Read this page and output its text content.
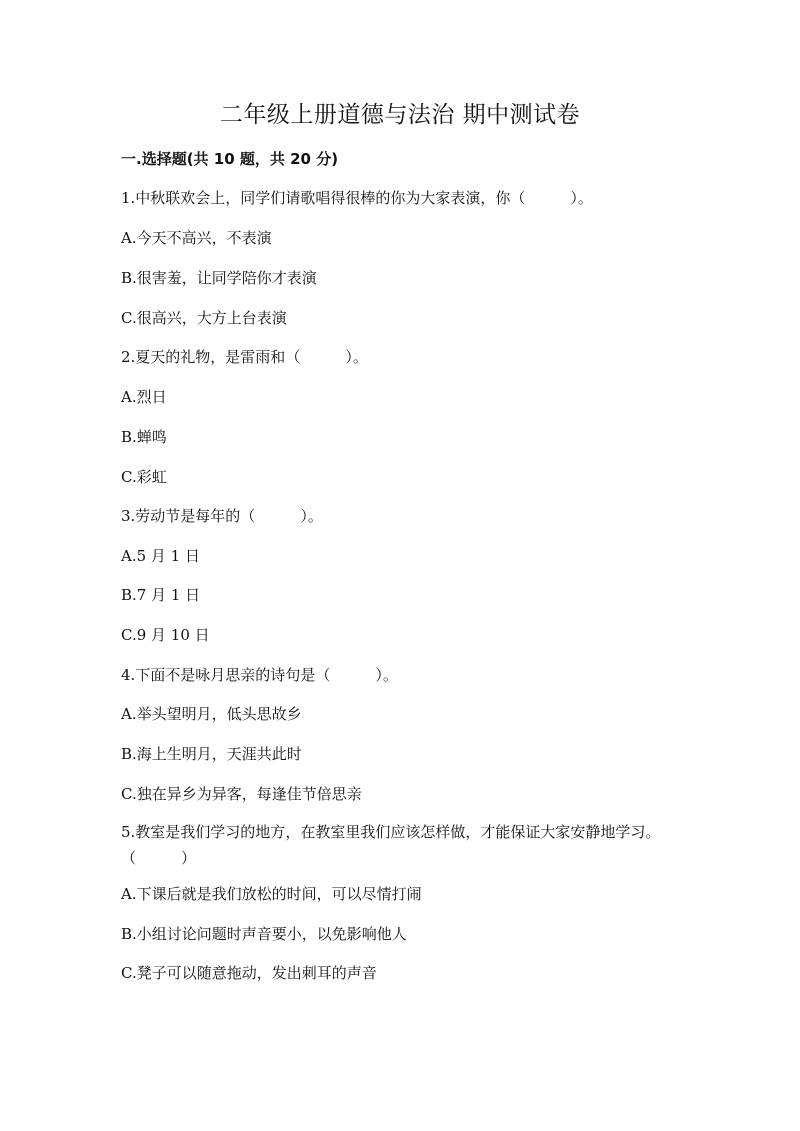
二年级上册道德与法治 期中测试卷
一.选择题(共 10 题，共 20 分)
1.中秋联欢会上，同学们请歌唱得很棒的你为大家表演，你（　　　）。
A.今天不高兴，不表演
B.很害羞，让同学陪你才表演
C.很高兴，大方上台表演
2.夏天的礼物，是雷雨和（　　　）。
A.烈日
B.蝉鸣
C.彩虹
3.劳动节是每年的（　　　）。
A.5 月 1 日
B.7 月 1 日
C.9 月 10 日
4.下面不是咏月思亲的诗句是（　　　）。
A.举头望明月，低头思故乡
B.海上生明月，天涯共此时
C.独在异乡为异客，每逢佳节倍思亲
5.教室是我们学习的地方，在教室里我们应该怎样做，才能保证大家安静地学习。（　　　）
A.下课后就是我们放松的时间，可以尽情打闹
B.小组讨论问题时声音要小，以免影响他人
C.凳子可以随意拖动，发出刺耳的声音
